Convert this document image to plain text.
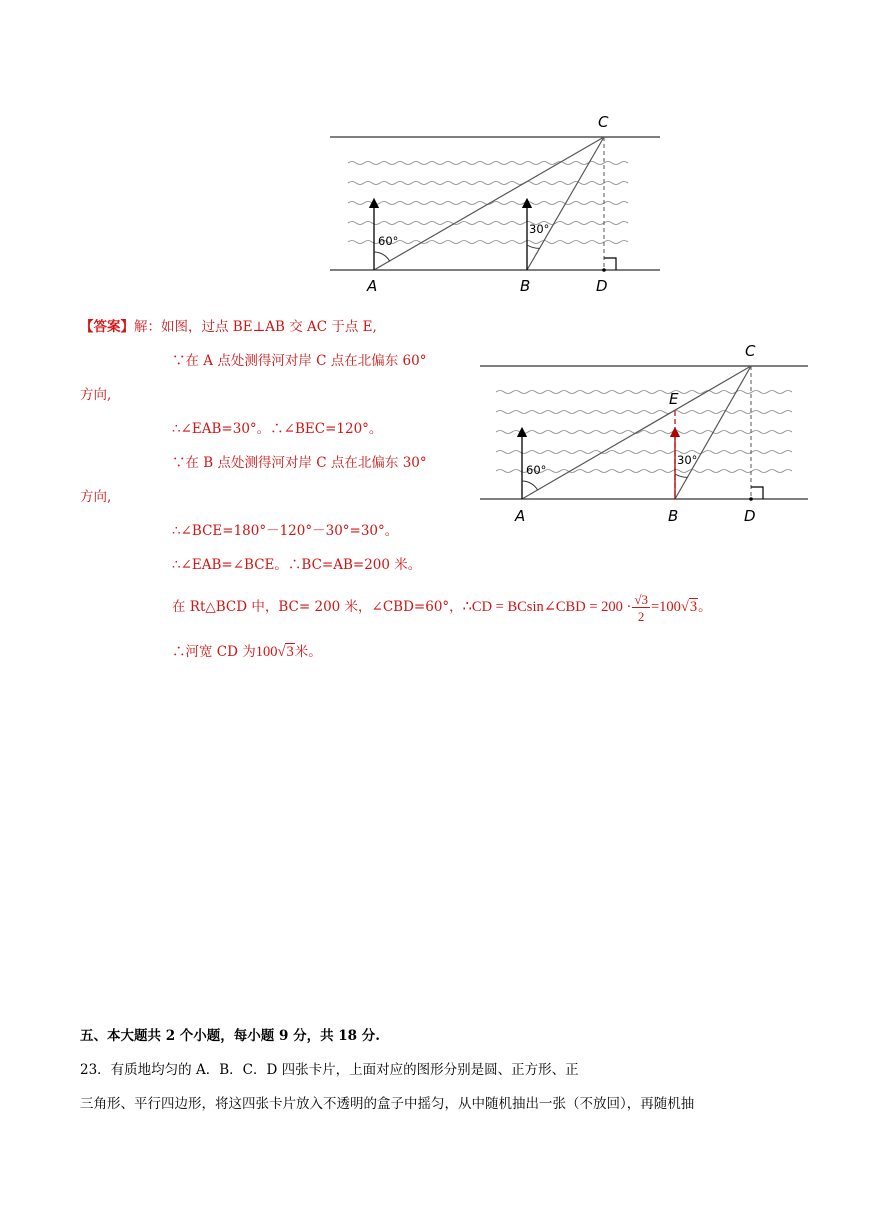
60°
30°
C
A	B	D
60°
30°
C
E
A	B	D
【答案】解：如图，过点 BE⊥AB 交 AC 于点 E,
∵在 A 点处测得河对岸 C 点在北偏东 60°
方向,
∴∠EAB=30°。∴∠BEC=120°。
∵在 B 点处测得河对岸 C 点在北偏东 30°
方向,
∴∠BCE=180°－120°－30°=30°。
∴∠EAB=∠BCE。∴BC=AB=200 米。
在 Rt△BCD 中，BC= 200 米，∠CBD=60°，∴CD = BCsin∠CBD = $200 \cdot \frac{√3}{2} =100√3$。
∴河宽 CD 为100√3米。
五、本大题共 2 个小题，每小题 9 分，共 18 分.
23．有质地均匀的 A．B．C．D 四张卡片，上面对应的图形分别是圆、正方形、正
三角形、平行四边形，将这四张卡片放入不透明的盒子中摇匀，从中随机抽出一张（不放回），再随机抽
